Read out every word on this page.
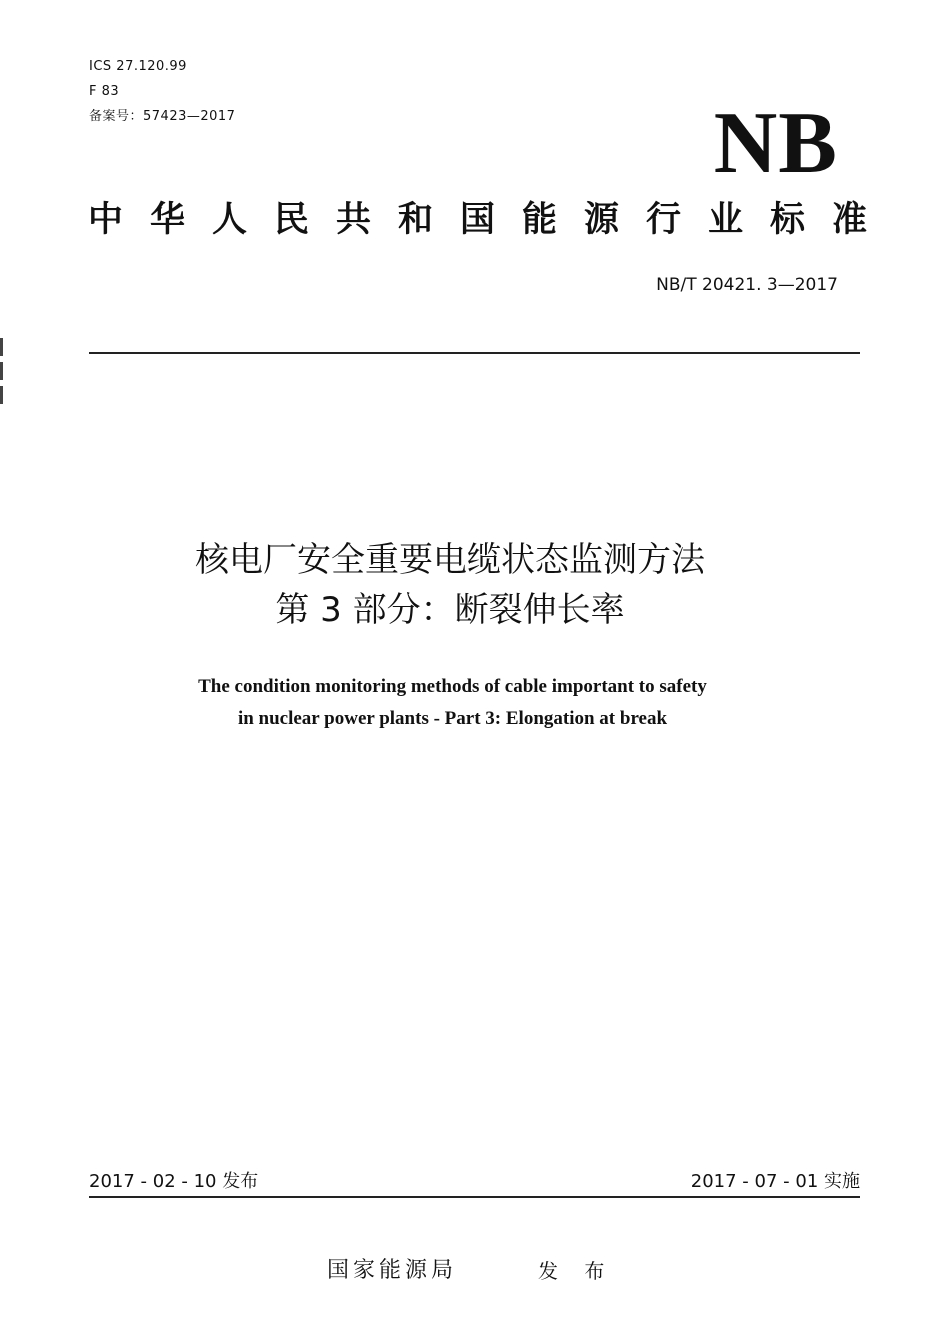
ICS 27.120.99
F 83
备案号：57423—2017	NB
中华人民共和国能源行业标准
NB/T 20421. 3—2017
核电厂安全重要电缆状态监测方法
第 3 部分：断裂伸长率
The condition monitoring methods of cable important to safety
in nuclear power plants - Part 3: Elongation at break
2017 - 02 - 10 发布	2017 - 07 - 01 实施
国家能源局	发 布
